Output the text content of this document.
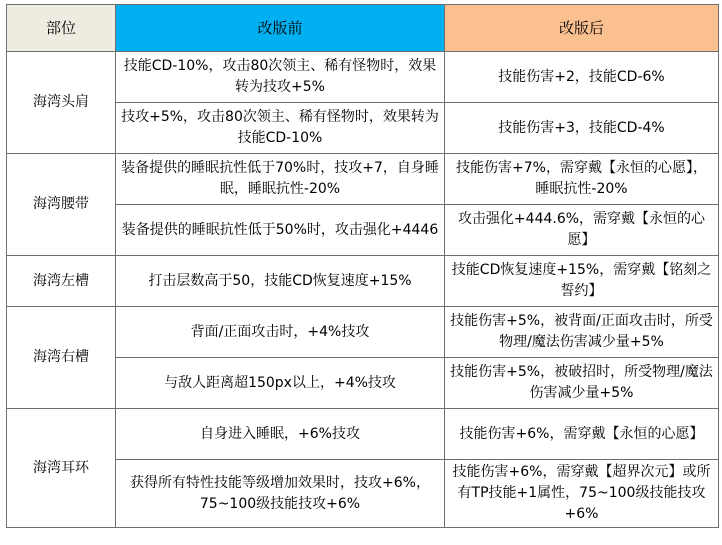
部位	改版前	改版后
海湾头肩	技能CD-10%，攻击80次领主、稀有怪物时，效果转为技攻+5%	技能伤害+2，技能CD-6%
	技攻+5%，攻击80次领主、稀有怪物时，效果转为技能CD-10%	技能伤害+3，技能CD-4%
海湾腰带	装备提供的睡眠抗性低于70%时，技攻+7，自身睡眠，睡眠抗性-20%	技能伤害+7%，需穿戴【永恒的心愿】，睡眠抗性-20%
	装备提供的睡眠抗性低于50%时，攻击强化+4446	攻击强化+444.6%，需穿戴【永恒的心愿】
海湾左槽	打击层数高于50，技能CD恢复速度+15%	技能CD恢复速度+15%，需穿戴【铭刻之誓约】
海湾右槽	背面/正面攻击时，+4%技攻	技能伤害+5%，被背面/正面攻击时，所受物理/魔法伤害减少量+5%
	与敌人距离超150px以上，+4%技攻	技能伤害+5%，被破招时，所受物理/魔法伤害减少量+5%
海湾耳环	自身进入睡眠，+6%技攻	技能伤害+6%，需穿戴【永恒的心愿】
	获得所有特性技能等级增加效果时，技攻+6%，75~100级技能技攻+6%	技能伤害+6%，需穿戴【超界次元】或所有TP技能+1属性，75~100级技能技攻+6%
